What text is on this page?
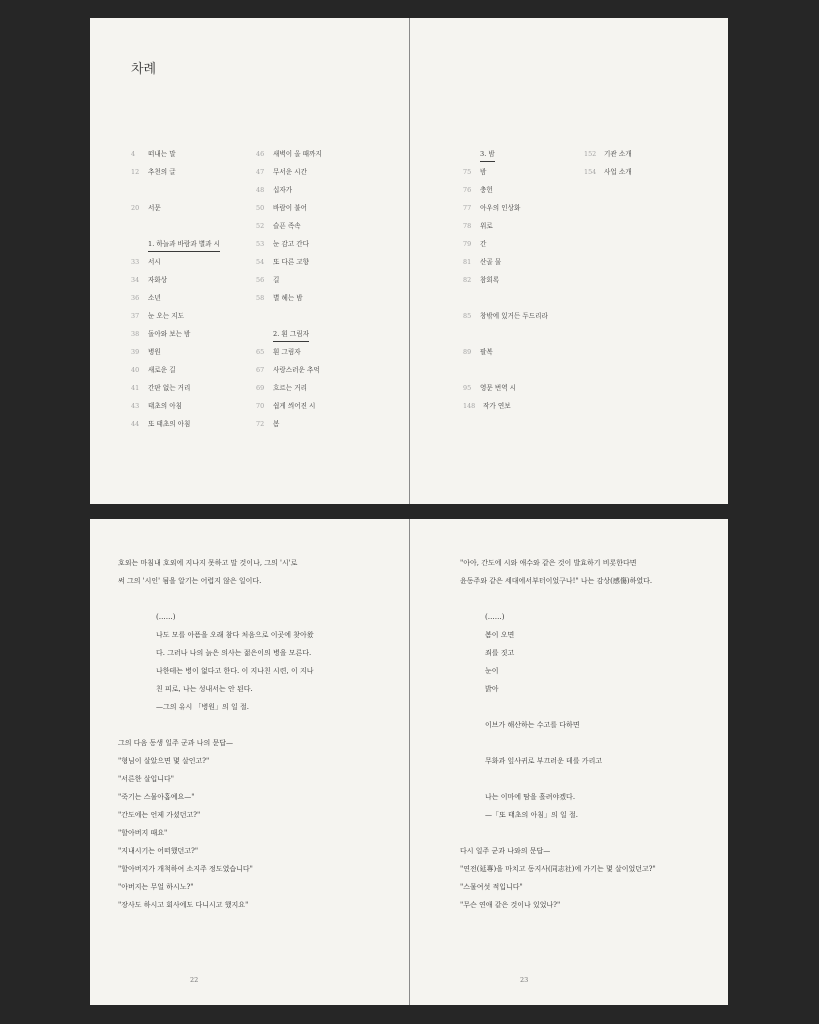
차례
4 떠내는 말
12 추천의 글
20 서문
1. 하늘과 바람과 별과 시
33 서시
34 자화상
36 소년
37 눈 오는 지도
38 돌아와 보는 밤
39 병원
40 새로운 길
41 간판 없는 거리
43 태초의 아침
44 또 태초의 아침
46 새벽이 올 때까지
47 무서운 시간
48 십자가
50 바람이 불어
52 슬픈 족속
53 눈 감고 간다
54 또 다른 고향
56 길
58 별 헤는 밤
2. 흰 그림자
65 흰 그림자
67 사랑스러운 추억
69 흐르는 거리
70 쉽게 씌어진 시
72 봄
3. 밤
75 밤
76 충헌
77 아우의 인상화
78 위로
79 간
81 산골 물
82 참회록
85 창밖에 있거든 두드리라
89 팔복
95 영문 번역 시
148 작가 연보
152 기관 소개
154 사업 소개
22
호외는 마침내 호외에 지나지 못하고 말 것이나, 그의 '시'로
써 그의 '시인' 됨을 알기는 어렵지 않은 일이다.
(……)
나도 모를 아픔을 오래 참다 처음으로 이곳에 찾아왔
다. 그러나 나의 늙은 의사는 젊은이의 병을 모른다.
나한테는 병이 없다고 한다. 이 지나친 시련, 이 지나
친 피로, 나는 성내서는 안 된다.
—그의 유시 「병원」의 일 절.
그의 다음 동생 일주 군과 나의 문답—
"형님이 살았으면 몇 살인고?"
"서른한 살입니다"
"죽기는 스물아홉예요—"
"간도에는 언제 가셨던고?"
"할아버지 때요"
"지내시기는 어떠했던고?"
"할아버지가 개척하여 소지주 정도였습니다"
"아버지는 무얼 하시노?"
"장사도 하시고 회사에도 다니시고 했지요"
23
"아아, 간도에 시와 애수와 같은 것이 발효하기 비롯한다면
윤동주와 같은 세대에서부터이었구나!" 나는 감상(感傷)하였다.
(……)
봄이 오면
죄를 짓고
눈이
밝아
이브가 해산하는 수고를 다하면
무화과 잎사귀로 부끄러운 데를 가리고
나는 이마에 땀을 흘려야겠다.
—「또 태초의 아침」의 일 절.
다시 일주 군과 나와의 문답—
"연전(延專)을 마치고 동지사(同志社)에 가기는 몇 살이었던고?"
"스물여섯 적입니다"
"무슨 연애 같은 것이나 있었나?"
